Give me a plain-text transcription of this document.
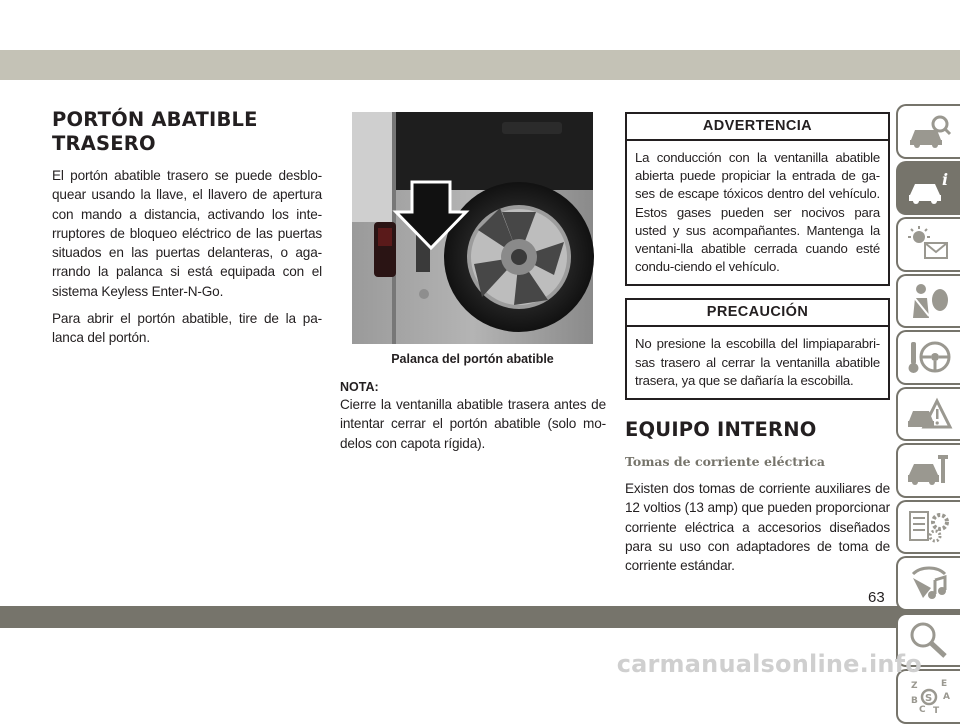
PORTÓN ABATIBLE
TRASERO

El portón abatible trasero se puede desblo-quear usando la llave, el llavero de apertura con mando a distancia, activando los inte-rruptores de bloqueo eléctrico de las puertas situados en las puertas delanteras, o aga-rrando la palanca si está equipada con el sistema Keyless Enter-N-Go.

Para abrir el portón abatible, tire de la pa-lanca del portón.

Palanca del portón abatible

NOTA:

Cierre la ventanilla abatible trasera antes de intentar cerrar el portón abatible (solo mo-delos con capota rígida).

ADVERTENCIA

La conducción con la ventanilla abatible abierta puede propiciar la entrada de ga-ses de escape tóxicos dentro del vehículo. Estos gases pueden ser nocivos para usted y sus acompañantes. Mantenga la ventani-lla abatible cerrada cuando esté condu-ciendo el vehículo.

PRECAUCIÓN

No presione la escobilla del limpiaparabri-sas trasero al cerrar la ventanilla abatible trasera, ya que se dañaría la escobilla.

EQUIPO INTERNO
Tomas de corriente eléctrica

Existen dos tomas de corriente auxiliares de 12 voltios (13 amp) que pueden proporcionar corriente eléctrica a accesorios diseñados para su uso con adaptadores de toma de corriente estándar.

i
Z	E
B	A
C T
S
63
carmanualsonline.info
